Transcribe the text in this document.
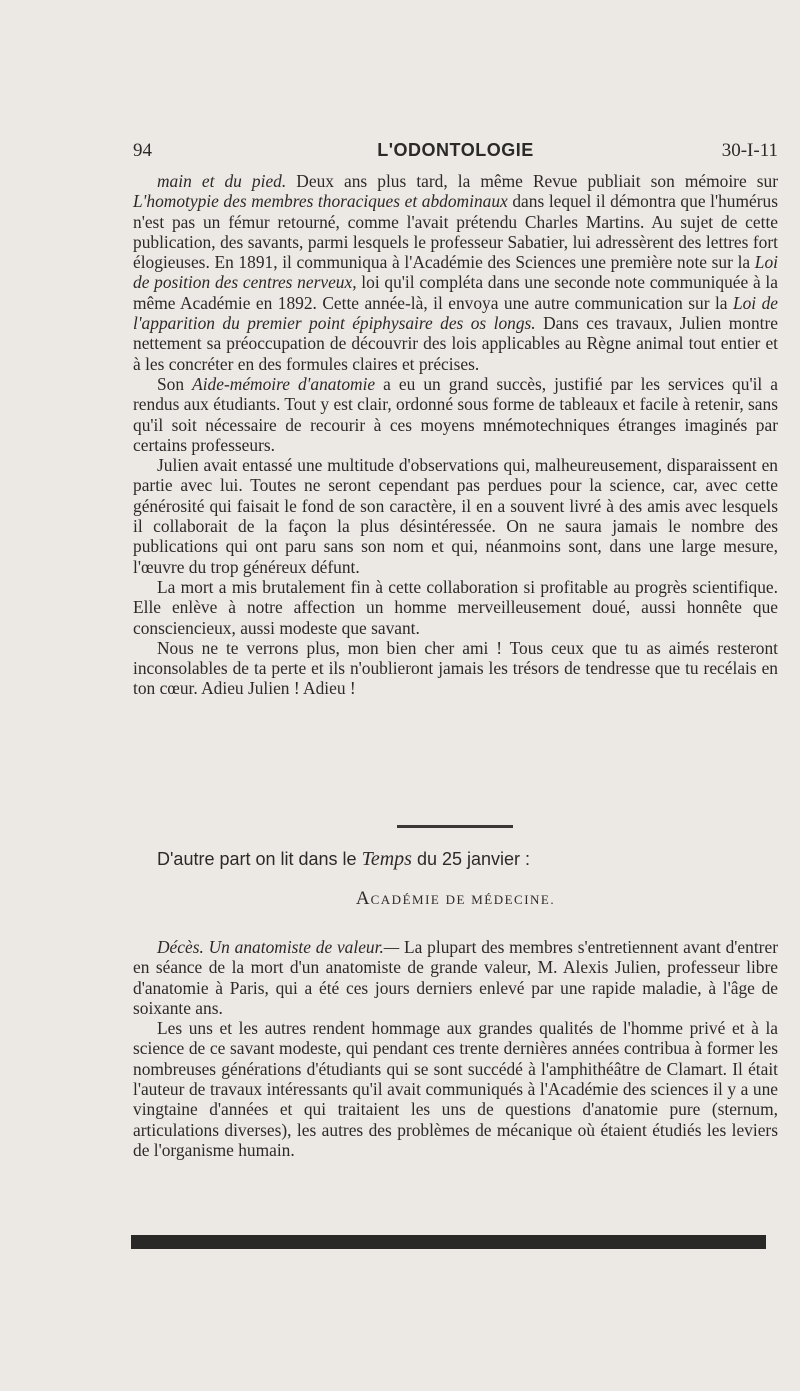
94	L'ODONTOLOGIE	30-I-11

main et du pied. Deux ans plus tard, la même Revue publiait son mémoire sur L'homotypie des membres thoraciques et abdominaux dans lequel il démontra que l'humérus n'est pas un fémur retourné, comme l'avait prétendu Charles Martins. Au sujet de cette publication, des savants, parmi lesquels le professeur Sabatier, lui adressèrent des lettres fort élogieuses. En 1891, il communiqua à l'Académie des Sciences une première note sur la Loi de position des centres nerveux, loi qu'il compléta dans une seconde note communiquée à la même Académie en 1892. Cette année-là, il envoya une autre communication sur la Loi de l'apparition du premier point épiphysaire des os longs. Dans ces travaux, Julien montre nettement sa préoccupation de découvrir des lois applicables au Règne animal tout entier et à les concréter en des formules claires et précises.

Son Aide-mémoire d'anatomie a eu un grand succès, justifié par les services qu'il a rendus aux étudiants. Tout y est clair, ordonné sous forme de tableaux et facile à retenir, sans qu'il soit nécessaire de recourir à ces moyens mnémotechniques étranges imaginés par certains professeurs.

Julien avait entassé une multitude d'observations qui, malheureusement, disparaissent en partie avec lui. Toutes ne seront cependant pas perdues pour la science, car, avec cette générosité qui faisait le fond de son caractère, il en a souvent livré à des amis avec lesquels il collaborait de la façon la plus désintéressée. On ne saura jamais le nombre des publications qui ont paru sans son nom et qui, néanmoins sont, dans une large mesure, l'œuvre du trop généreux défunt.

La mort a mis brutalement fin à cette collaboration si profitable au progrès scientifique. Elle enlève à notre affection un homme merveilleusement doué, aussi honnête que consciencieux, aussi modeste que savant.

Nous ne te verrons plus, mon bien cher ami ! Tous ceux que tu as aimés resteront inconsolables de ta perte et ils n'oublieront jamais les trésors de tendresse que tu recélais en ton cœur. Adieu Julien ! Adieu !

D'autre part on lit dans le Temps du 25 janvier :
ACADÉMIE DE MÉDECINE.

Décès. Un anatomiste de valeur.— La plupart des membres s'entretiennent avant d'entrer en séance de la mort d'un anatomiste de grande valeur, M. Alexis Julien, professeur libre d'anatomie à Paris, qui a été ces jours derniers enlevé par une rapide maladie, à l'âge de soixante ans.

Les uns et les autres rendent hommage aux grandes qualités de l'homme privé et à la science de ce savant modeste, qui pendant ces trente dernières années contribua à former les nombreuses générations d'étudiants qui se sont succédé à l'amphithéâtre de Clamart. Il était l'auteur de travaux intéressants qu'il avait communiqués à l'Académie des sciences il y a une vingtaine d'années et qui traitaient les uns de questions d'anatomie pure (sternum, articulations diverses), les autres des problèmes de mécanique où étaient étudiés les leviers de l'organisme humain.
